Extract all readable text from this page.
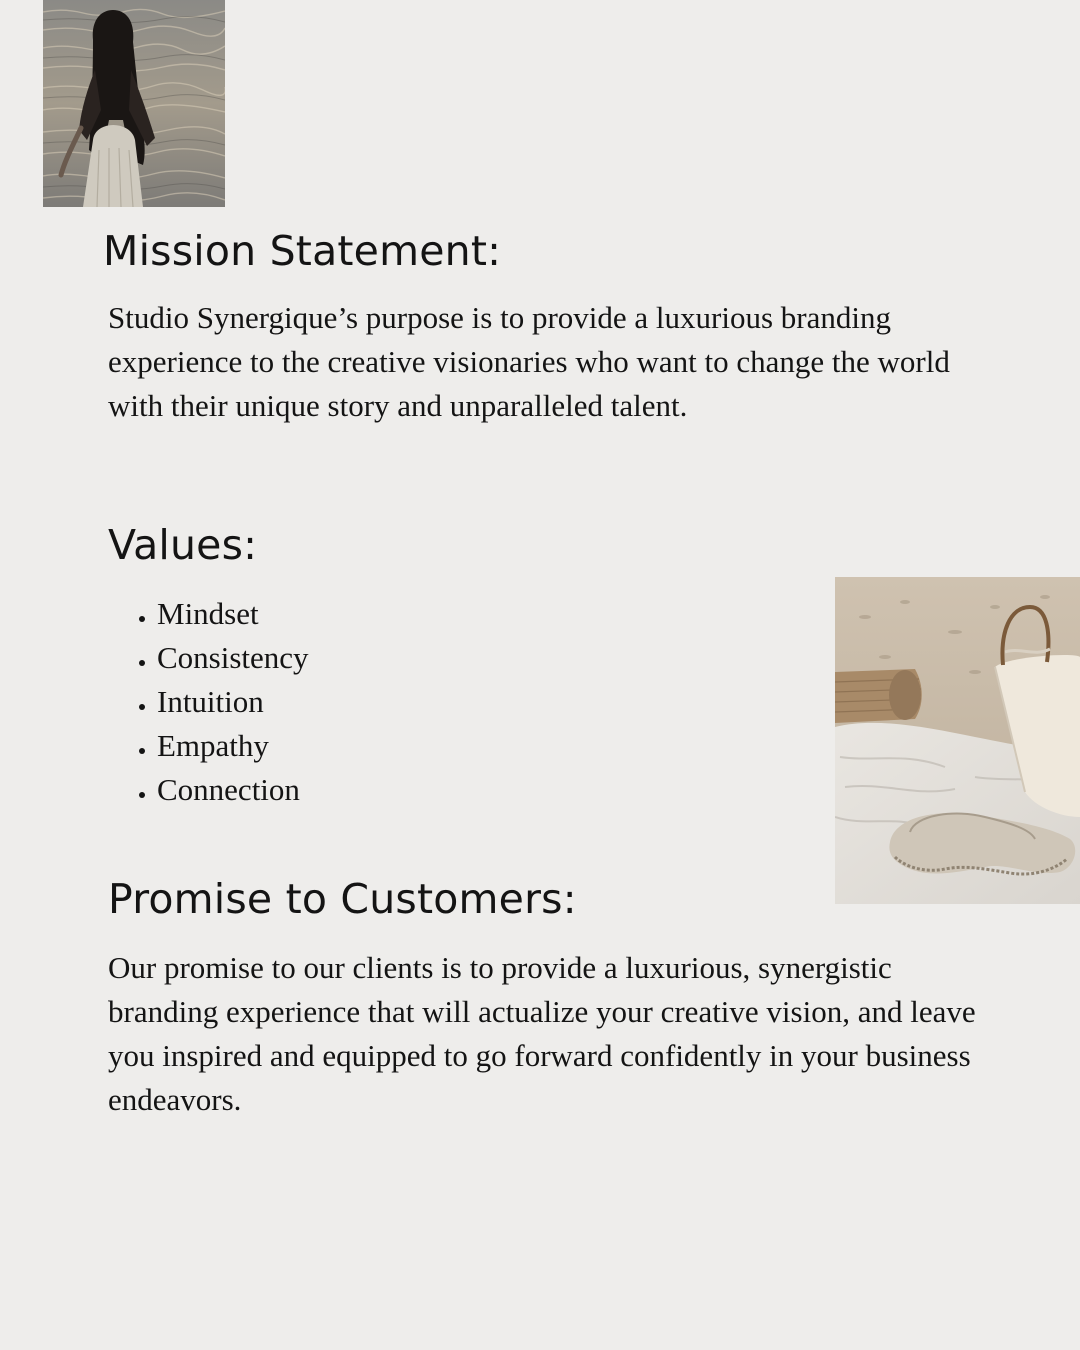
Mission Statement:

Studio Synergique’s purpose is to provide a luxurious branding experience to the creative visionaries who want to change the world with their unique story and unparalleled talent.

Values:
• Mindset
• Consistency
• Intuition
• Empathy
• Connection
Promise to Customers:

Our promise to our clients is to provide a luxurious, synergistic branding experience that will actualize your creative vision, and leave you inspired and equipped to go forward confidently in your business endeavors.
